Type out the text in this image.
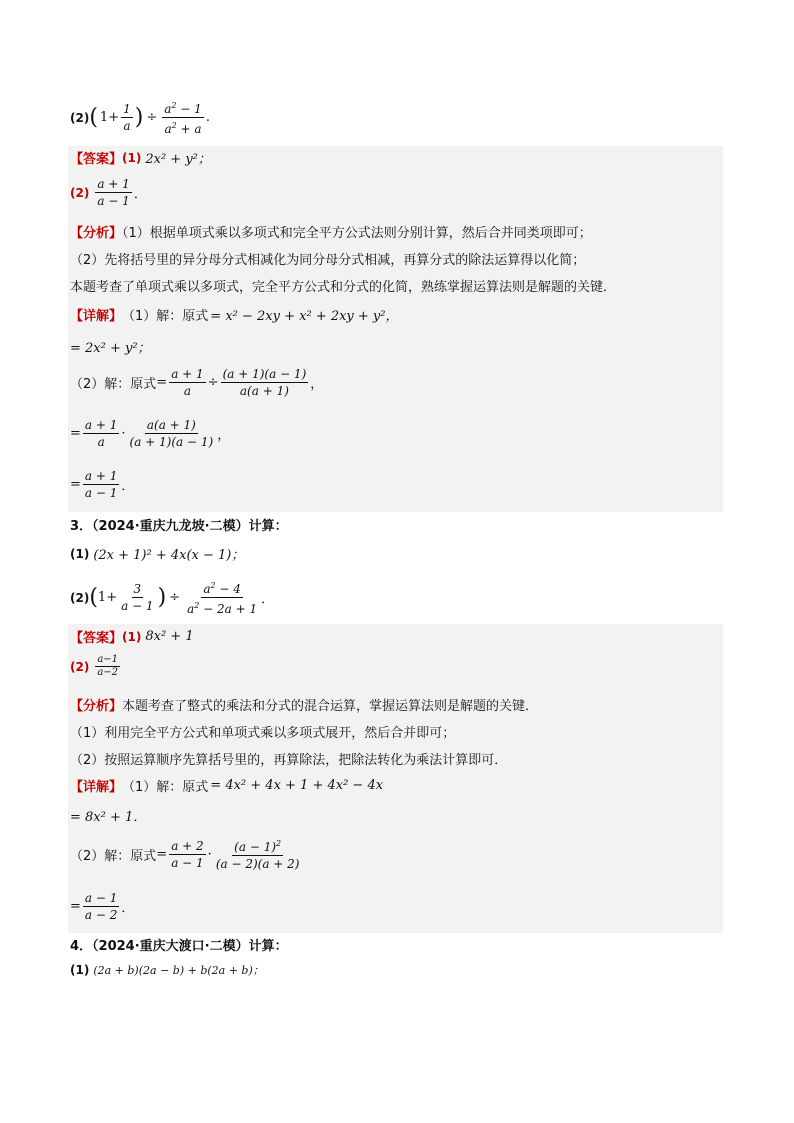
(2) ( $1+ \frac{1}{a}$ ) ÷ $\frac{a^2 - 1}{a^2 + a}$ .
【答案】 (1) 2x² + y²；
$(2) \frac{a + 1}{a - 1}$ ．
【分析】（1）根据单项式乘以多项式和完全平方公式法则分别计算，然后合并同类项即可；
（2）先将括号里的异分母分式相减化为同分母分式相减，再算分式的除法运算得以化简；
本题考查了单项式乘以多项式，完全平方公式和分式的化简，熟练掌握运算法则是解题的关键．
【详解】 （1）解：原式 = x² − 2xy + x² + 2xy + y²，
= 2x² + y²；
（2）解：原式 = $\frac{a + 1}{a} \div \frac{(a + 1)(a - 1)}{a(a + 1)}$ ，
= $\frac{a + 1}{a} \cdot \frac{a(a + 1)}{(a + 1)(a - 1)}$ ，
= $\frac{a + 1}{a - 1}$ ．
3．（2024·重庆九龙坡·二模）计算：
(1) (2x + 1)² + 4x(x − 1)；
(2) ( $1+ \frac{3}{a - 1}$ ) ÷ $\frac{a^2 - 4}{a^2 - 2a + 1}$ ．
【答案】 (1) 8x² + 1
$(2) \frac{a-1}{a-2}$
【分析】本题考查了整式的乘法和分式的混合运算，掌握运算法则是解题的关键．
（1）利用完全平方公式和单项式乘以多项式展开，然后合并即可；
（2）按照运算顺序先算括号里的，再算除法，把除法转化为乘法计算即可．
【详解】 （1）解：原式 = 4x² + 4x + 1 + 4x² − 4x
= 8x² + 1．
（2）解：原式 = $\frac{a + 2}{a - 1} \cdot \frac{(a - 1)^2}{(a - 2)(a + 2)}$
= $\frac{a - 1}{a - 2}$ ．
4．（2024·重庆大渡口·二模）计算：
(1) (2a + b)(2a − b) + b(2a + b)；
